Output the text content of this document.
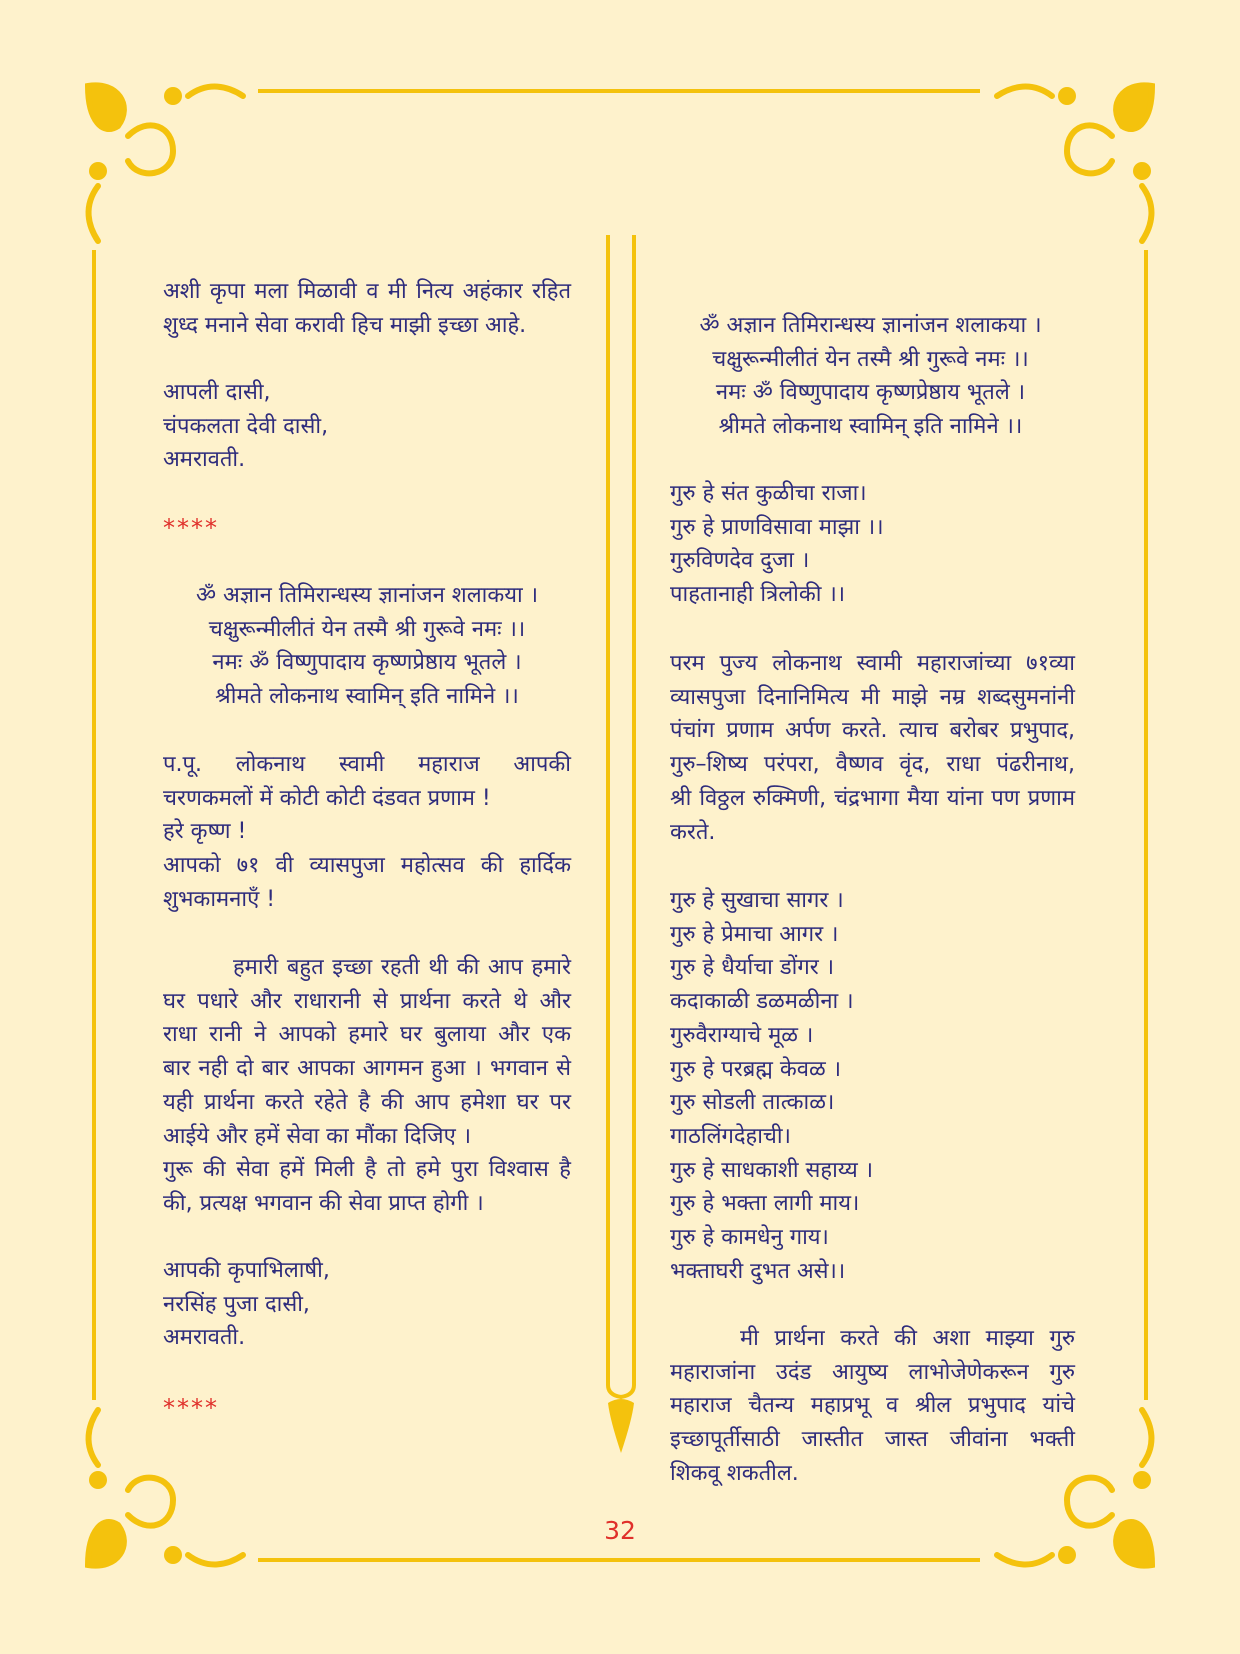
अशी कृपा मला मिळावी व मी नित्य अहंकार रहित

शुध्द मनाने सेवा करावी हिच माझी इच्छा आहे.

आपली दासी,

चंपकलता देवी दासी,

अमरावती.

****

ॐ अज्ञान तिमिरान्धस्य ज्ञानांजन शलाकया ।

चक्षुरून्मीलीतं येन तस्मै श्री गुरूवे नमः ।।

नमः ॐ विष्णुपादाय कृष्णप्रेष्ठाय भूतले ।

श्रीमते लोकनाथ स्वामिन् इति नामिने ।।

प.पू. लोकनाथ स्वामी महाराज आपकी

चरणकमलों में कोटी कोटी दंडवत प्रणाम !

हरे कृष्ण !

आपको ७१ वी व्यासपुजा महोत्सव की हार्दिक

शुभकामनाएँ !

हमारी बहुत इच्छा रहती थी की आप हमारे

घर पधारे और राधारानी से प्रार्थना करते थे और

राधा रानी ने आपको हमारे घर बुलाया और एक

बार नही दो बार आपका आगमन हुआ । भगवान से

यही प्रार्थना करते रहेते है की आप हमेशा घर पर

आईये और हमें सेवा का मौंका दिजिए ।

गुरू की सेवा हमें मिली है तो हमे पुरा विश्वास है

की, प्रत्यक्ष भगवान की सेवा प्राप्त होगी ।

आपकी कृपाभिलाषी,

नरसिंह पुजा दासी,

अमरावती.

****

ॐ अज्ञान तिमिरान्धस्य ज्ञानांजन शलाकया ।

चक्षुरून्मीलीतं येन तस्मै श्री गुरूवे नमः ।।

नमः ॐ विष्णुपादाय कृष्णप्रेष्ठाय भूतले ।

श्रीमते लोकनाथ स्वामिन् इति नामिने ।।

गुरु हे संत कुळीचा राजा।

गुरु हे प्राणविसावा माझा ।।

गुरुविणदेव दुजा ।

पाहतानाही त्रिलोकी ।।

परम पुज्य लोकनाथ स्वामी महाराजांच्या ७१व्या

व्यासपुजा दिनानिमित्य मी माझे नम्र शब्दसुमनांनी

पंचांग प्रणाम अर्पण करते. त्याच बरोबर प्रभुपाद,

गुरु–शिष्य परंपरा, वैष्णव वृंद, राधा पंढरीनाथ,

श्री विठ्ठल रुक्मिणी, चंद्रभागा मैया यांना पण प्रणाम

करते.

गुरु हे सुखाचा सागर ।

गुरु हे प्रेमाचा आगर ।

गुरु हे धैर्याचा डोंगर ।

कदाकाळी डळमळीना ।

गुरुवैराग्याचे मूळ ।

गुरु हे परब्रह्म केवळ ।

गुरु सोडली तात्काळ।

गाठलिंगदेहाची।

गुरु हे साधकाशी सहाय्य ।

गुरु हे भक्ता लागी माय।

गुरु हे कामधेनु गाय।

भक्ताघरी दुभत असे।।

मी प्रार्थना करते की अशा माझ्या गुरु

महाराजांना उदंड आयुष्य लाभोजेणेकरून गुरु

महाराज चैतन्य महाप्रभू व श्रील प्रभुपाद यांचे

इच्छापूर्तीसाठी जास्तीत जास्त जीवांना भक्ती

शिकवू शकतील.

32
